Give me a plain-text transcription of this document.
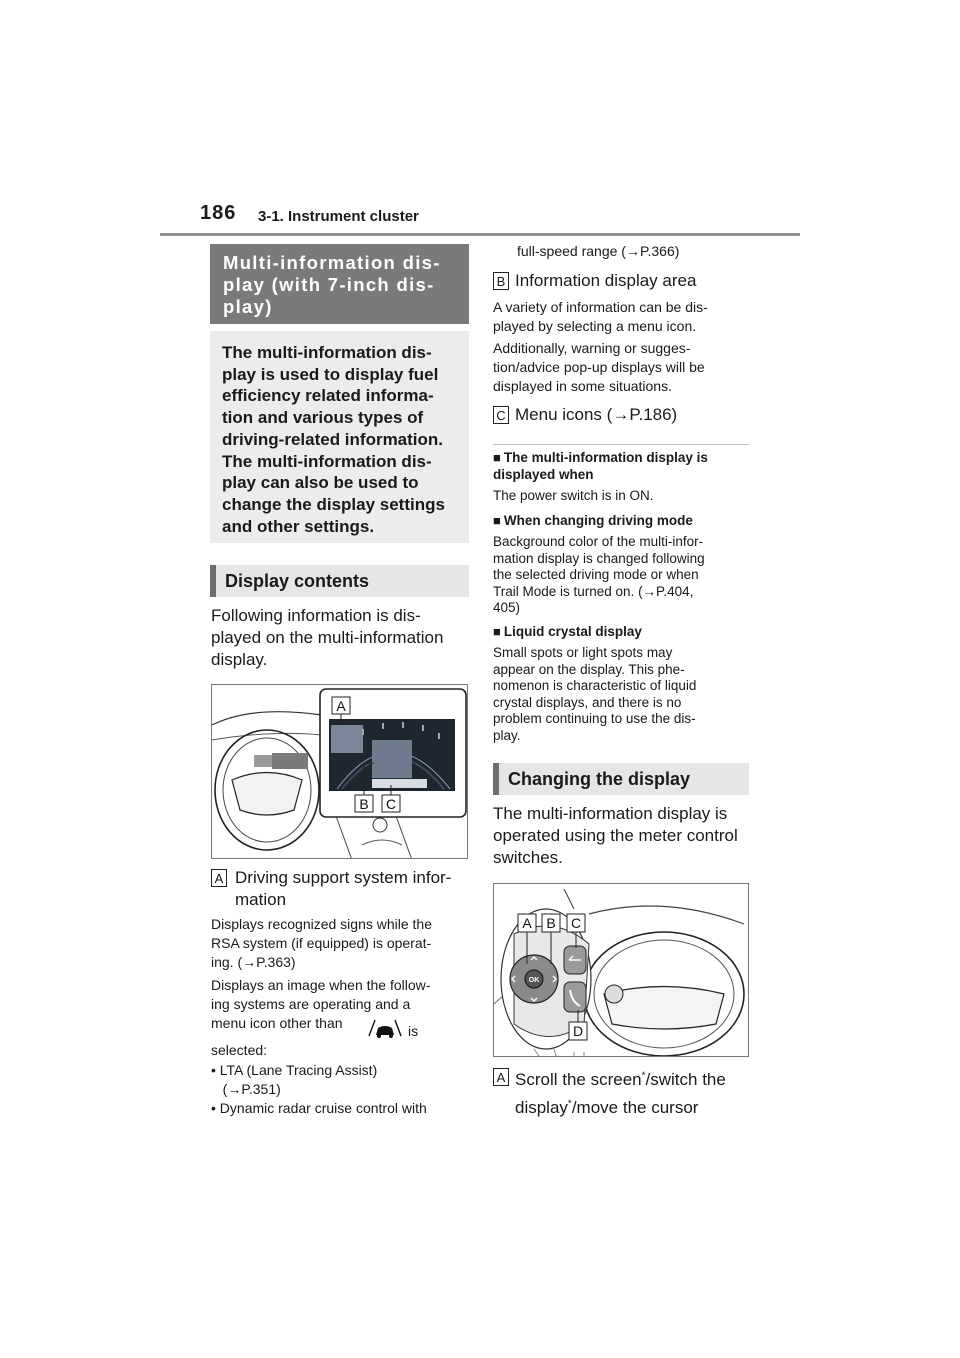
186 3-1. Instrument cluster
Multi-information dis-
play (with 7-inch dis-
play)
The multi-information dis-
play is used to display fuel
efficiency related informa-
tion and various types of
driving-related information.
The multi-information dis-
play can also be used to
change the display settings
and other settings.
Display contents
Following information is dis-
played on the multi-information
display.
A
B C
A Driving support system infor-
mation
Displays recognized signs while the
RSA system (if equipped) is operat-
ing. (→P.363)
Displays an image when the follow-
ing systems are operating and a
menu icon other than	is
selected:
• LTA (Lane Tracing Assist)
(→P.351)
• Dynamic radar cruise control with
full-speed range (→P.366)
B Information display area
A variety of information can be dis-
played by selecting a menu icon.
Additionally, warning or sugges-
tion/advice pop-up displays will be
displayed in some situations.
C Menu icons (→P.186)
■ The multi-information display is
displayed when
The power switch is in ON.
■ When changing driving mode
Background color of the multi-infor-
mation display is changed following
the selected driving mode or when
Trail Mode is turned on. (→P.404,
405)
■ Liquid crystal display
Small spots or light spots may
appear on the display. This phe-
nomenon is characteristic of liquid
crystal displays, and there is no
problem continuing to use the dis-
play.
Changing the display
The multi-information display is
operated using the meter control
switches.
OK
A B C
D
A Scroll the screen*/switch the
display*/move the cursor
